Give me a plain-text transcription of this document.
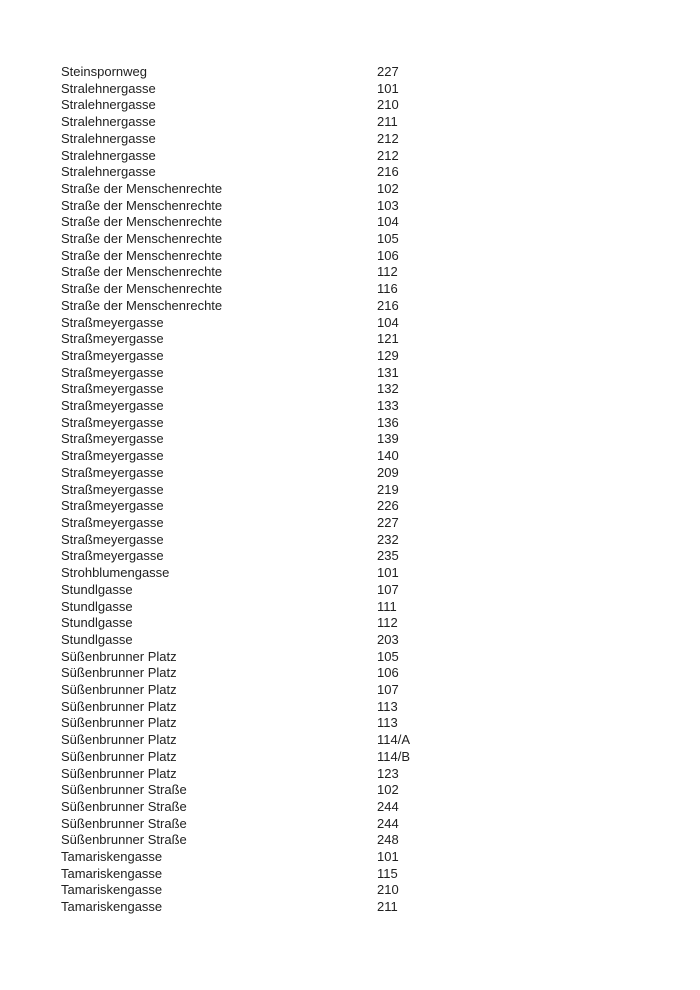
Steinspornweg	227
Stralehnergasse	101
Stralehnergasse	210
Stralehnergasse	211
Stralehnergasse	212
Stralehnergasse	212
Stralehnergasse	216
Straße der Menschenrechte	102
Straße der Menschenrechte	103
Straße der Menschenrechte	104
Straße der Menschenrechte	105
Straße der Menschenrechte	106
Straße der Menschenrechte	112
Straße der Menschenrechte	116
Straße der Menschenrechte	216
Straßmeyergasse	104
Straßmeyergasse	121
Straßmeyergasse	129
Straßmeyergasse	131
Straßmeyergasse	132
Straßmeyergasse	133
Straßmeyergasse	136
Straßmeyergasse	139
Straßmeyergasse	140
Straßmeyergasse	209
Straßmeyergasse	219
Straßmeyergasse	226
Straßmeyergasse	227
Straßmeyergasse	232
Straßmeyergasse	235
Strohblumengasse	101
Stundlgasse	107
Stundlgasse	111
Stundlgasse	112
Stundlgasse	203
Süßenbrunner Platz	105
Süßenbrunner Platz	106
Süßenbrunner Platz	107
Süßenbrunner Platz	113
Süßenbrunner Platz	113
Süßenbrunner Platz	114/A
Süßenbrunner Platz	114/B
Süßenbrunner Platz	123
Süßenbrunner Straße	102
Süßenbrunner Straße	244
Süßenbrunner Straße	244
Süßenbrunner Straße	248
Tamariskengasse	101
Tamariskengasse	115
Tamariskengasse	210
Tamariskengasse	211
